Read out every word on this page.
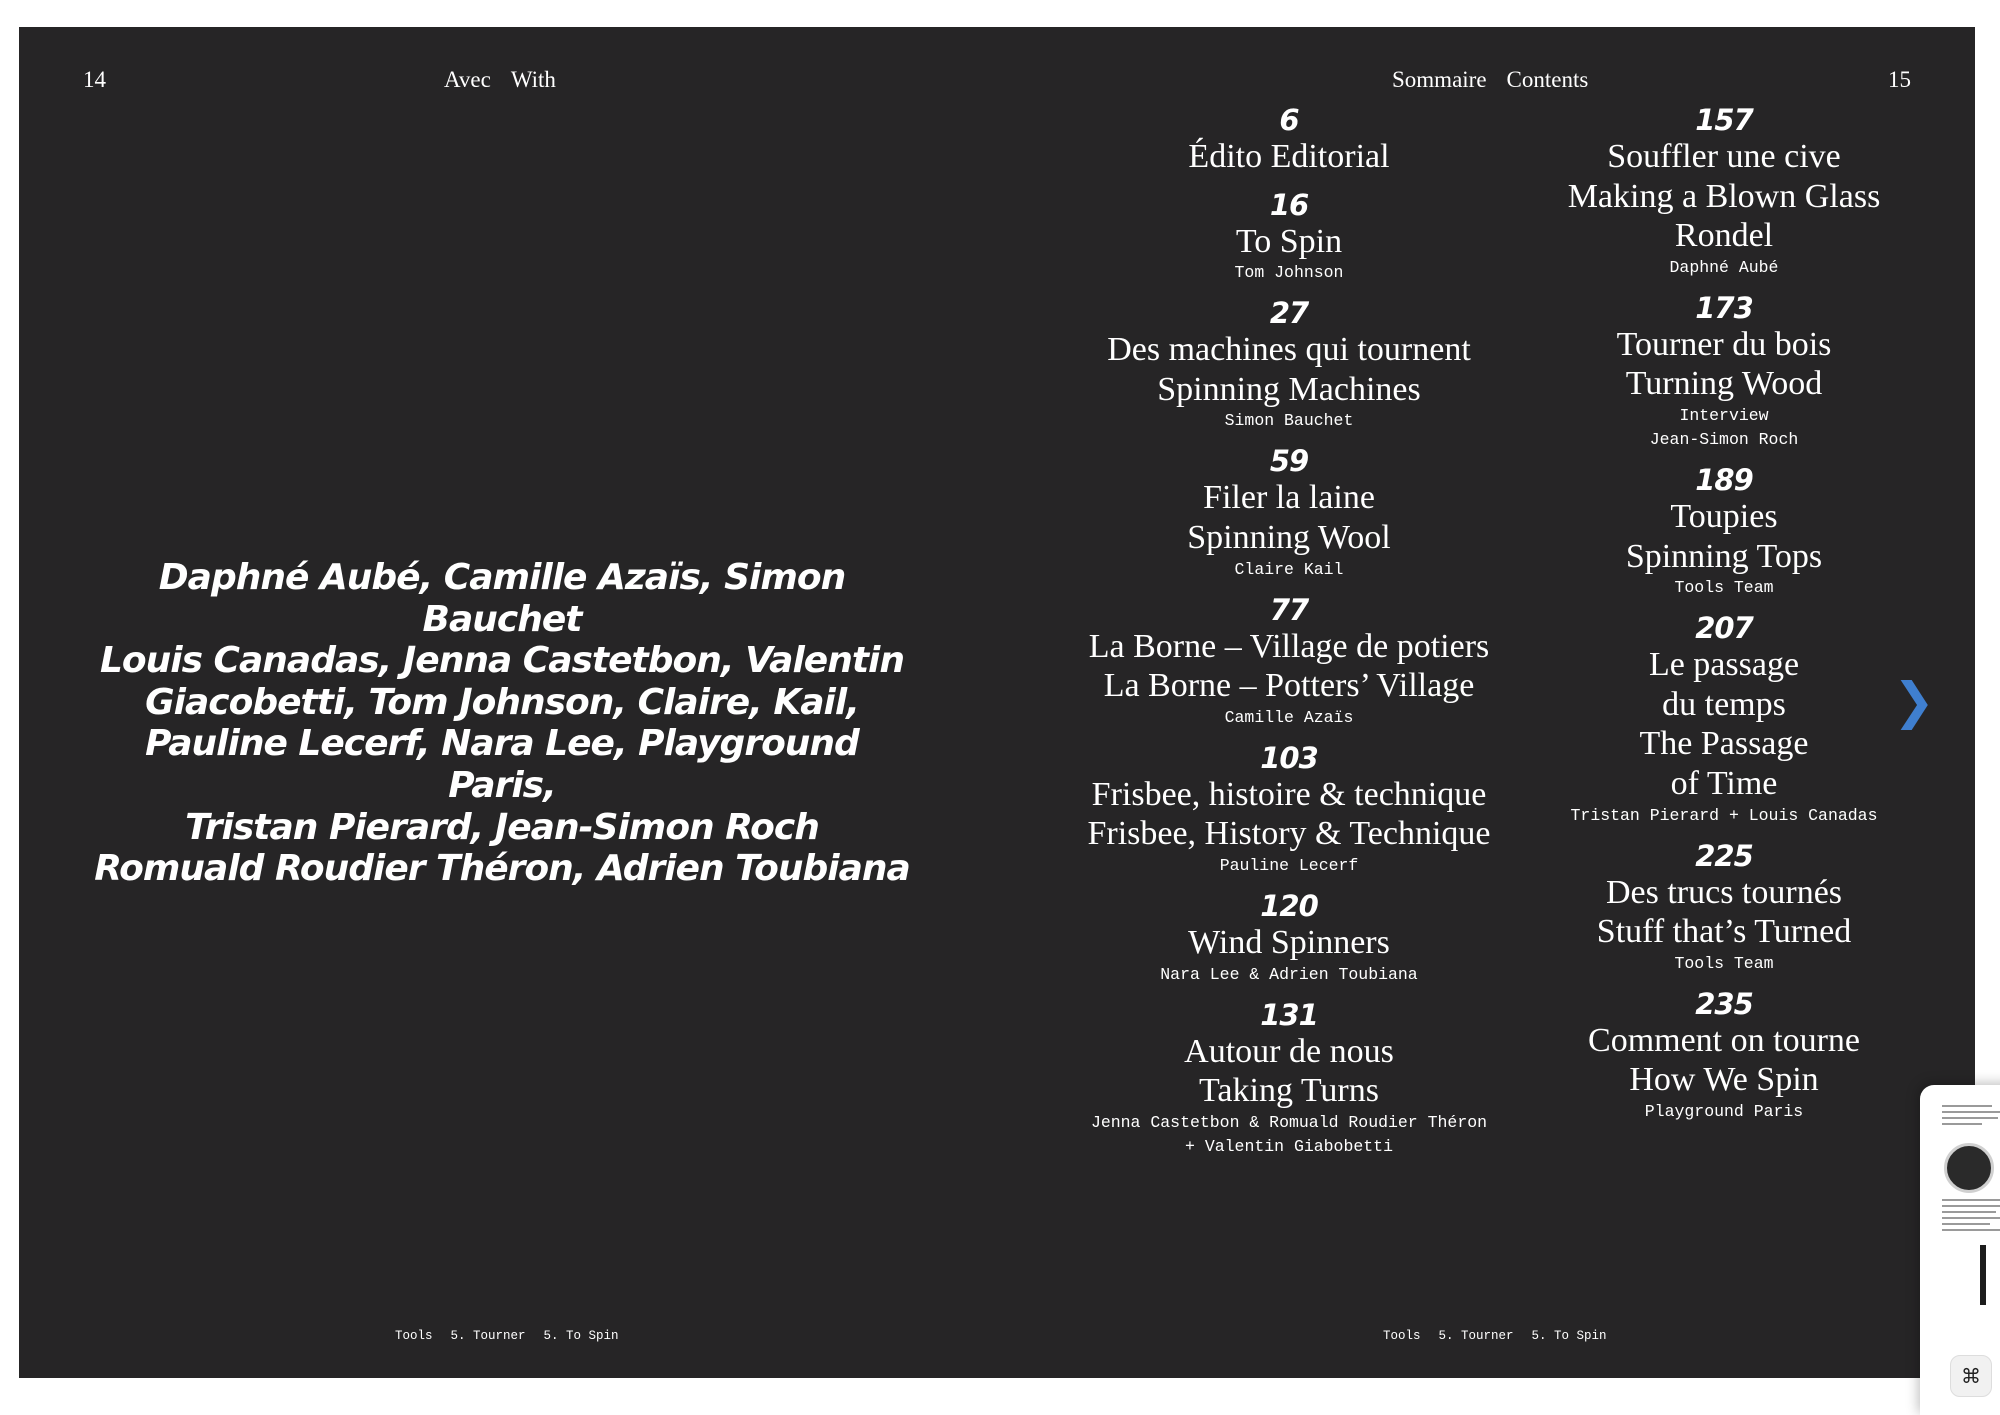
14	Avec With
Daphné Aubé, Camille Azaïs, Simon Bauchet
Louis Canadas, Jenna Castetbon, Valentin
Giacobetti, Tom Johnson, Claire, Kail,
Pauline Lecerf, Nara Lee, Playground Paris,
Tristan Pierard, Jean-Simon Roch
Romuald Roudier Théron, Adrien Toubiana
Tools 5. Tourner 5. To Spin
Sommaire Contents	15
6
Édito Editorial
16
To Spin
Tom Johnson
27
Des machines qui tournent
Spinning Machines
Simon Bauchet
59
Filer la laine
Spinning Wool
Claire Kail
77
La Borne – Village de potiers
La Borne – Potters’ Village
Camille Azaïs
103
Frisbee, histoire & technique
Frisbee, History & Technique
Pauline Lecerf
120
Wind Spinners
Nara Lee & Adrien Toubiana
131
Autour de nous
Taking Turns
Jenna Castetbon & Romuald Roudier Théron
+ Valentin Giabobetti
157
Souffler une cive
Making a Blown Glass
Rondel
Daphné Aubé
173
Tourner du bois
Turning Wood
Interview
Jean-Simon Roch
189
Toupies
Spinning Tops
Tools Team
207
Le passage
du temps
The Passage
of Time
Tristan Pierard + Louis Canadas
225
Des trucs tournés
Stuff that’s Turned
Tools Team
235
Comment on tourne
How We Spin
Playground Paris
Tools 5. Tourner 5. To Spin
❯
⌘
